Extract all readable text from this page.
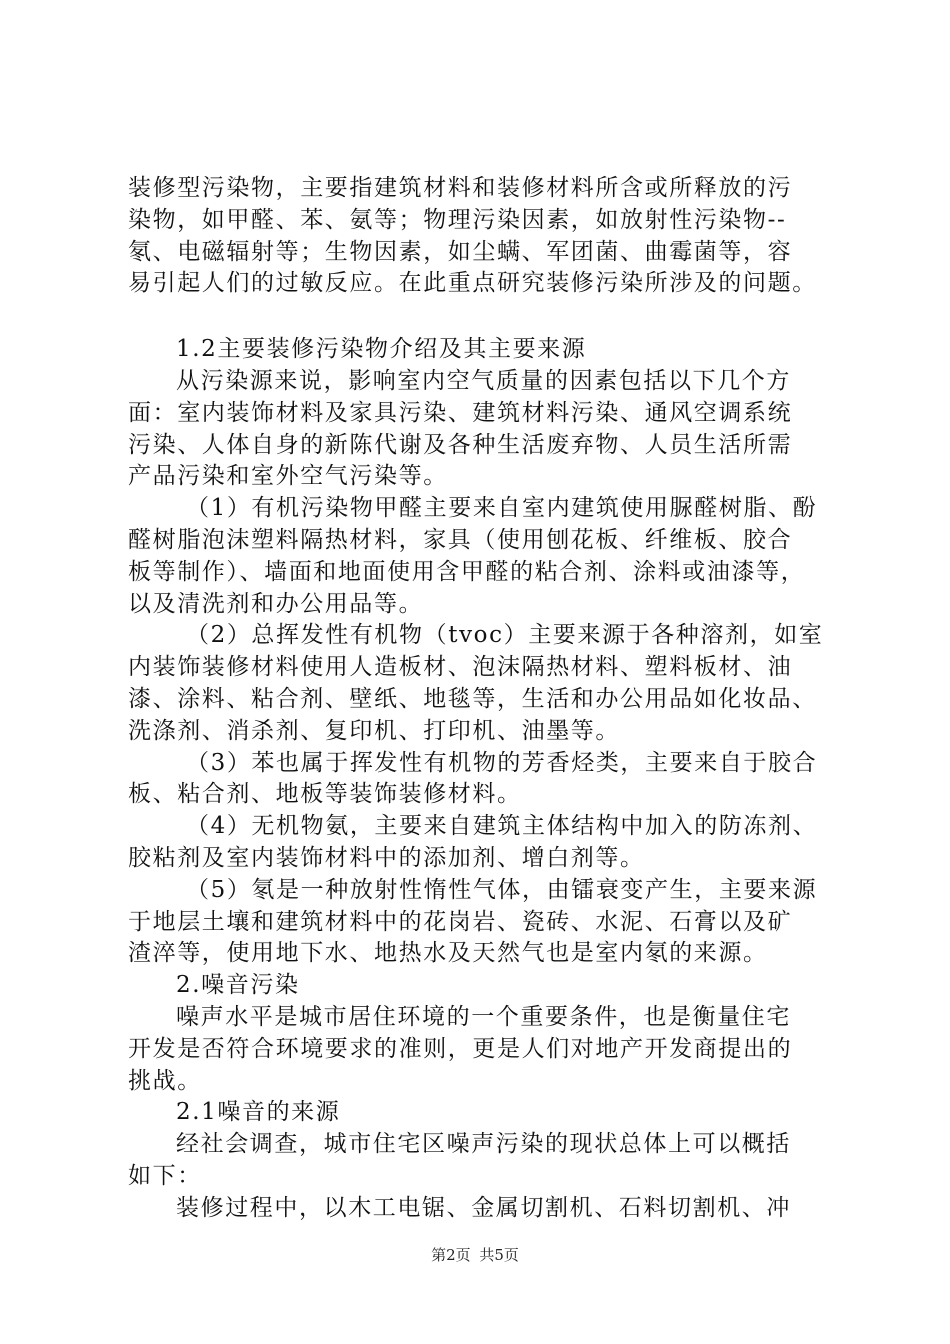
装修型污染物，主要指建筑材料和装修材料所含或所释放的污
染物，如甲醛、苯、氨等；物理污染因素，如放射性污染物--
氡、电磁辐射等；生物因素，如尘螨、军团菌、曲霉菌等，容
易引起人们的过敏反应。在此重点研究装修污染所涉及的问题。
1.2主要装修污染物介绍及其主要来源
从污染源来说，影响室内空气质量的因素包括以下几个方
面：室内装饰材料及家具污染、建筑材料污染、通风空调系统
污染、人体自身的新陈代谢及各种生活废弃物、人员生活所需
产品污染和室外空气污染等。
（1）有机污染物甲醛主要来自室内建筑使用脲醛树脂、酚
醛树脂泡沫塑料隔热材料，家具（使用刨花板、纤维板、胶合
板等制作）、墙面和地面使用含甲醛的粘合剂、涂料或油漆等，
以及清洗剂和办公用品等。
（2）总挥发性有机物（tvoc）主要来源于各种溶剂，如室
内装饰装修材料使用人造板材、泡沫隔热材料、塑料板材、油
漆、涂料、粘合剂、壁纸、地毯等，生活和办公用品如化妆品、
洗涤剂、消杀剂、复印机、打印机、油墨等。
（3）苯也属于挥发性有机物的芳香烃类，主要来自于胶合
板、粘合剂、地板等装饰装修材料。
（4）无机物氨，主要来自建筑主体结构中加入的防冻剂、
胶粘剂及室内装饰材料中的添加剂、增白剂等。
（5）氡是一种放射性惰性气体，由镭衰变产生，主要来源
于地层土壤和建筑材料中的花岗岩、瓷砖、水泥、石膏以及矿
渣淬等，使用地下水、地热水及天然气也是室内氡的来源。
2.噪音污染
噪声水平是城市居住环境的一个重要条件，也是衡量住宅
开发是否符合环境要求的准则，更是人们对地产开发商提出的
挑战。
2.1噪音的来源
经社会调查，城市住宅区噪声污染的现状总体上可以概括
如下：
装修过程中，以木工电锯、金属切割机、石料切割机、冲
第2页 共5页
